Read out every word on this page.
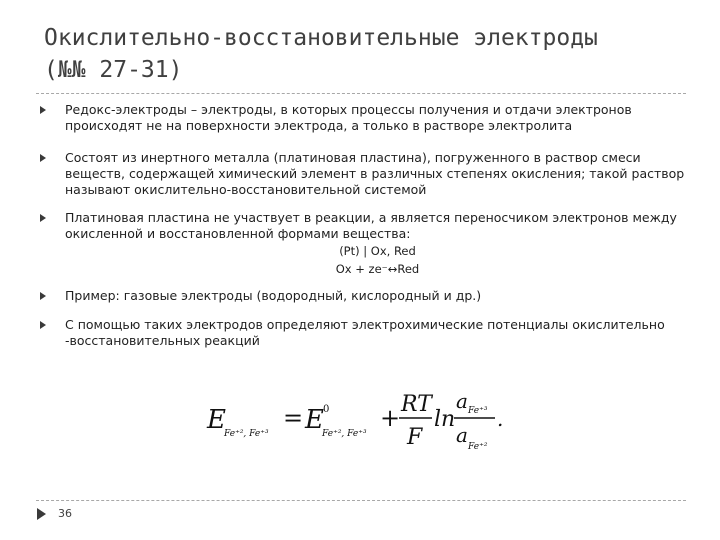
Окислительно-восстановительные электроды
(№№ 27-31)
Редокс-электроды – электроды, в которых процессы получения и отдачи электронов происходят не на поверхности электрода, а только в растворе электролита
Состоят из инертного металла (платиновая пластина), погруженного в раствор смеси веществ, содержащей химический элемент в различных степенях окисления; такой раствор называют окислительно-восстановительной системой
Платиновая пластина не участвует в реакции, а является переносчиком электронов между окисленной и восстановленной формами вещества:
(Pt) | Ox, Red
Ox + ze⁻↔Red
Пример: газовые электроды (водородный, кислородный и др.)
С помощью таких электродов определяют электрохимические потенциалы окислительно -восстановительных реакций
E
Fe⁺², Fe⁺³
= E 0
Fe⁺², Fe⁺³
+ RT
F
ln
a Fe⁺³
a Fe⁺²
.
36
